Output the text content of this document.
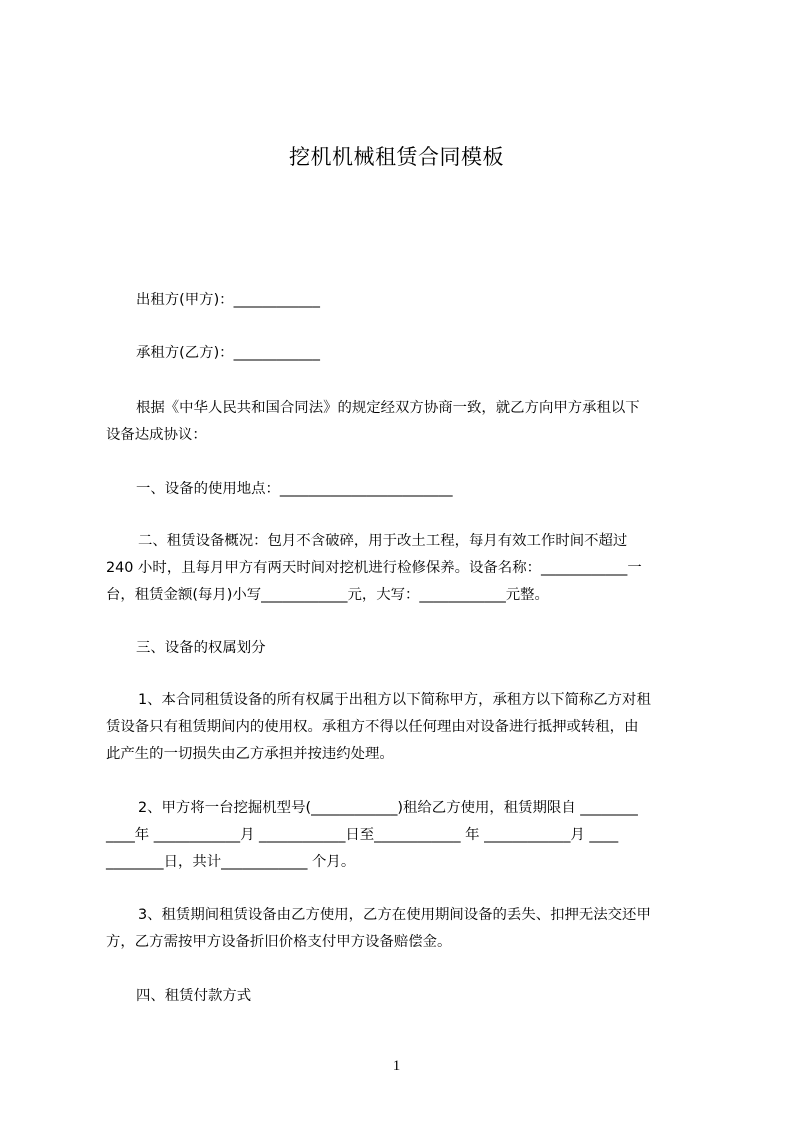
挖机机械租赁合同模板
出租方(甲方)：____________
承租方(乙方)：____________
根据《中华人民共和国合同法》的规定经双方协商一致，就乙方向甲方承租以下
设备达成协议：
一、设备的使用地点：________________________
二、租赁设备概况：包月不含破碎，用于改土工程，每月有效工作时间不超过
240 小时，且每月甲方有两天时间对挖机进行检修保养。设备名称：____________一
台，租赁金额(每月)小写____________元，大写：____________元整。
三、设备的权属划分
1、本合同租赁设备的所有权属于出租方以下简称甲方，承租方以下简称乙方对租
赁设备只有租赁期间内的使用权。承租方不得以任何理由对设备进行抵押或转租，由
此产生的一切损失由乙方承担并按违约处理。
2、甲方将一台挖掘机型号(____________)租给乙方使用，租赁期限自 ________
____年 ____________月 ____________日至____________ 年 ____________月 ____
________日，共计____________ 个月。
3、租赁期间租赁设备由乙方使用，乙方在使用期间设备的丢失、扣押无法交还甲
方，乙方需按甲方设备折旧价格支付甲方设备赔偿金。
四、租赁付款方式
1
